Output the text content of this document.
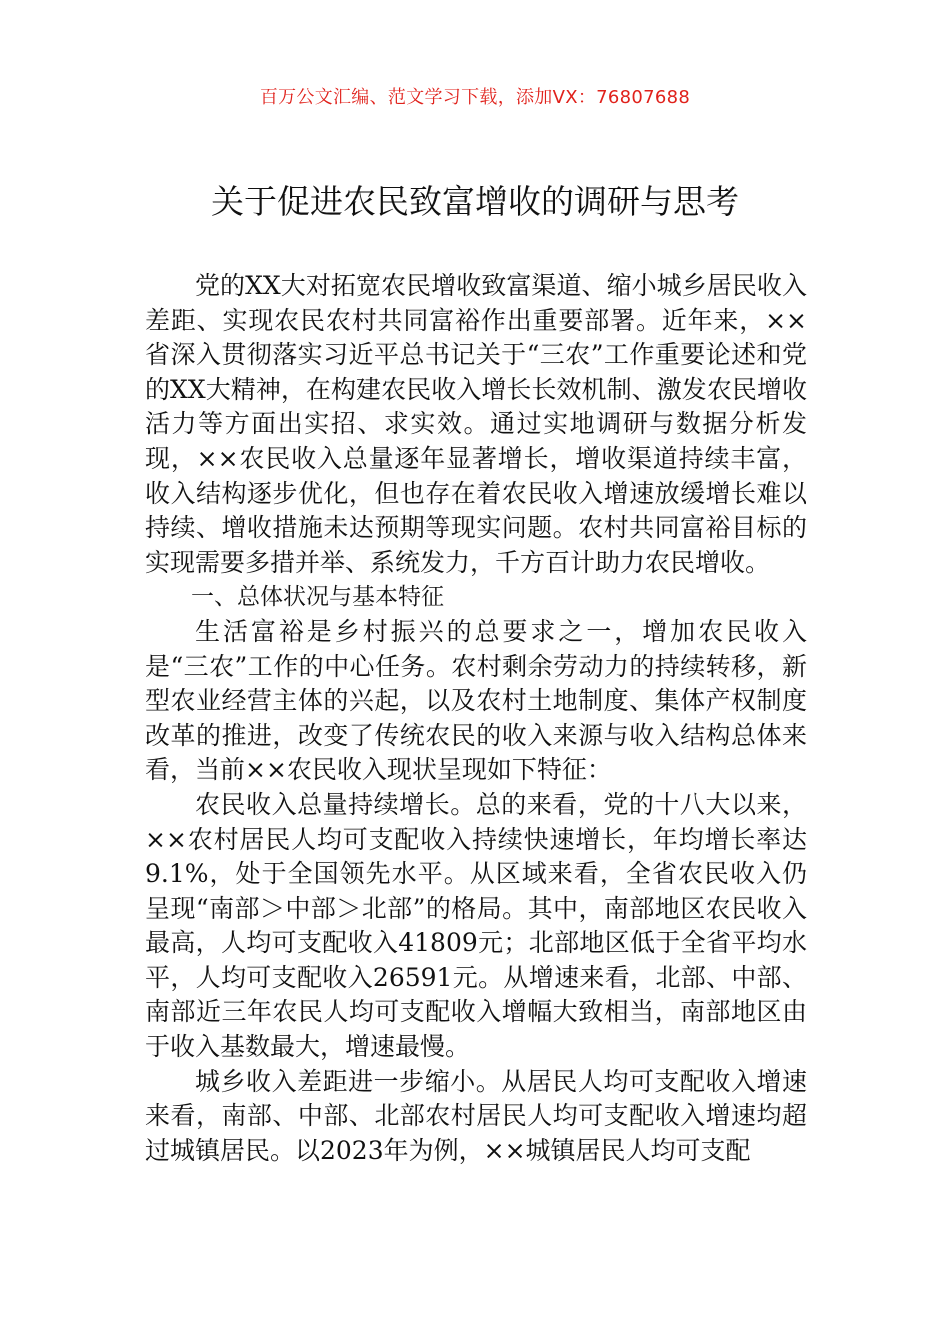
百万公文汇编、范文学习下载，添加VX：76807688
关于促进农民致富增收的调研与思考

党的XX大对拓宽农民增收致富渠道、缩小城乡居民收入差距、实现农民农村共同富裕作出重要部署。近年来，××省深入贯彻落实习近平总书记关于“三农”工作重要论述和党的XX大精神，在构建农民收入增长长效机制、激发农民增收活力等方面出实招、求实效。通过实地调研与数据分析发现，××农民收入总量逐年显著增长，增收渠道持续丰富，收入结构逐步优化，但也存在着农民收入增速放缓增长难以持续、增收措施未达预期等现实问题。农村共同富裕目标的实现需要多措并举、系统发力，千方百计助力农民增收。

一、总体状况与基本特征

生活富裕是乡村振兴的总要求之一，增加农民收入是“三农”工作的中心任务。农村剩余劳动力的持续转移，新型农业经营主体的兴起，以及农村土地制度、集体产权制度改革的推进，改变了传统农民的收入来源与收入结构总体来看，当前××农民收入现状呈现如下特征：

农民收入总量持续增长。总的来看，党的十八大以来，××农村居民人均可支配收入持续快速增长，年均增长率达9.1%，处于全国领先水平。从区域来看，全省农民收入仍呈现“南部＞中部＞北部”的格局。其中，南部地区农民收入最高，人均可支配收入41809元；北部地区低于全省平均水平，人均可支配收入26591元。从增速来看，北部、中部、南部近三年农民人均可支配收入增幅大致相当，南部地区由于收入基数最大，增速最慢。

城乡收入差距进一步缩小。从居民人均可支配收入增速来看，南部、中部、北部农村居民人均可支配收入增速均超过城镇居民。以2023年为例，××城镇居民人均可支配
